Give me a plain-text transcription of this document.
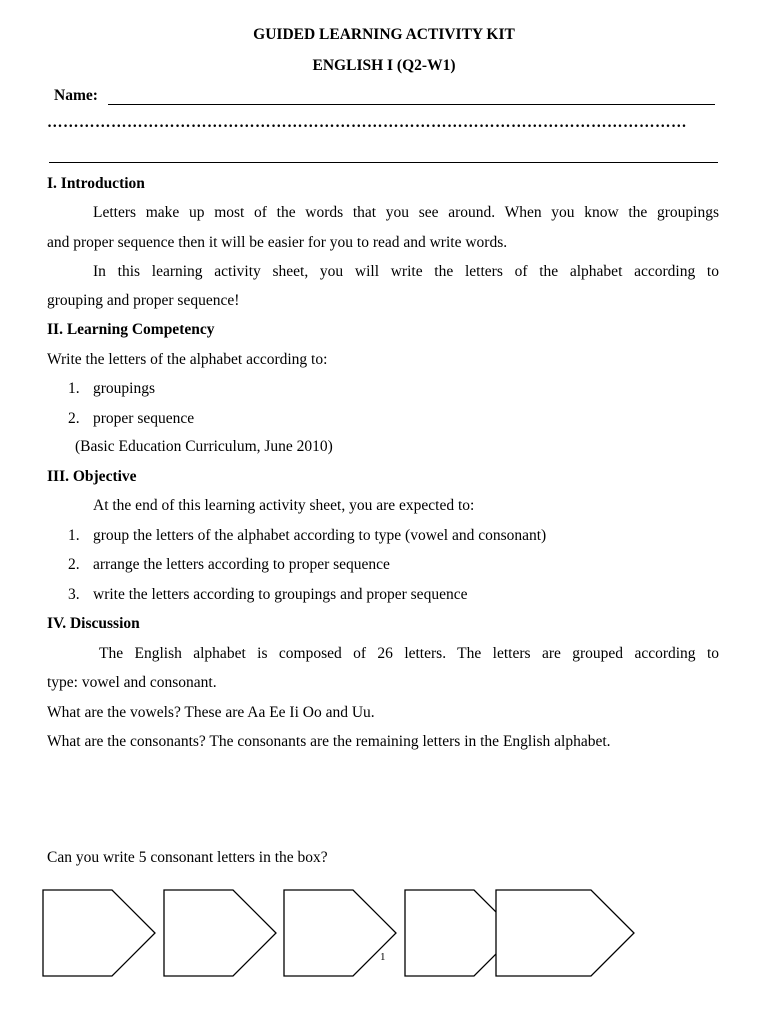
GUIDED LEARNING ACTIVITY KIT
ENGLISH I (Q2-W1)
Name:
…………………………………………………………………………………………………………
I. Introduction
Letters make up most of the words that you see around. When you know the groupings
and proper sequence then it will be easier for you to read and write words.
In this learning activity sheet, you will write the letters of the alphabet according to
grouping and proper sequence!
II. Learning Competency
Write the letters of the alphabet according to:
1. groupings
2. proper sequence
(Basic Education Curriculum, June 2010)
III. Objective
At the end of this learning activity sheet, you are expected to:
1. group the letters of the alphabet according to type (vowel and consonant)
2. arrange the letters according to proper sequence
3. write the letters according to groupings and proper sequence
IV. Discussion
The English alphabet is composed of 26 letters. The letters are grouped according to
type: vowel and consonant.
What are the vowels? These are Aa Ee Ii Oo and Uu.
What are the consonants? The consonants are the remaining letters in the English alphabet.
Can you write 5 consonant letters in the box?
1
